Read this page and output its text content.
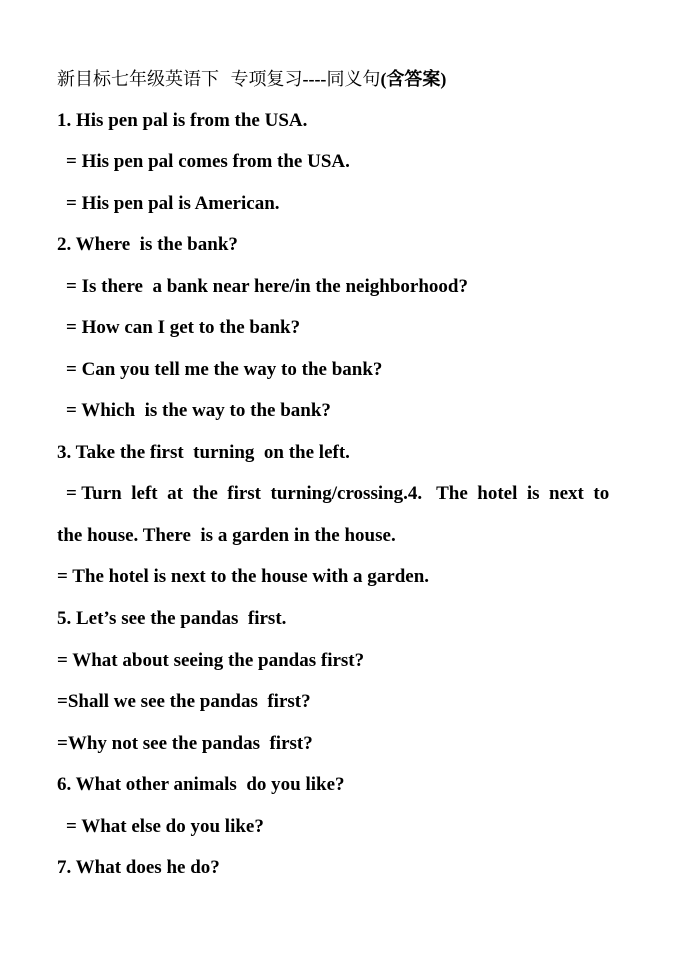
新目标七年级英语下  专项复习----同义句(含答案)
1. His pen pal is from the USA.
= His pen pal comes from the USA.
= His pen pal is American.
2. Where  is the bank?
= Is there  a bank near here/in the neighborhood?
= How can I get to the bank?
= Can you tell me the way to the bank?
= Which  is the way to the bank?
3. Take the first  turning  on the left.
= Turn  left  at  the  first  turning/crossing.4.   The  hotel  is  next  to
the house. There  is a garden in the house.
= The hotel is next to the house with a garden.
5. Let’s see the pandas  first.
= What about seeing the pandas first?
=Shall we see the pandas  first?
=Why not see the pandas  first?
6. What other animals  do you like?
= What else do you like?
7. What does he do?
